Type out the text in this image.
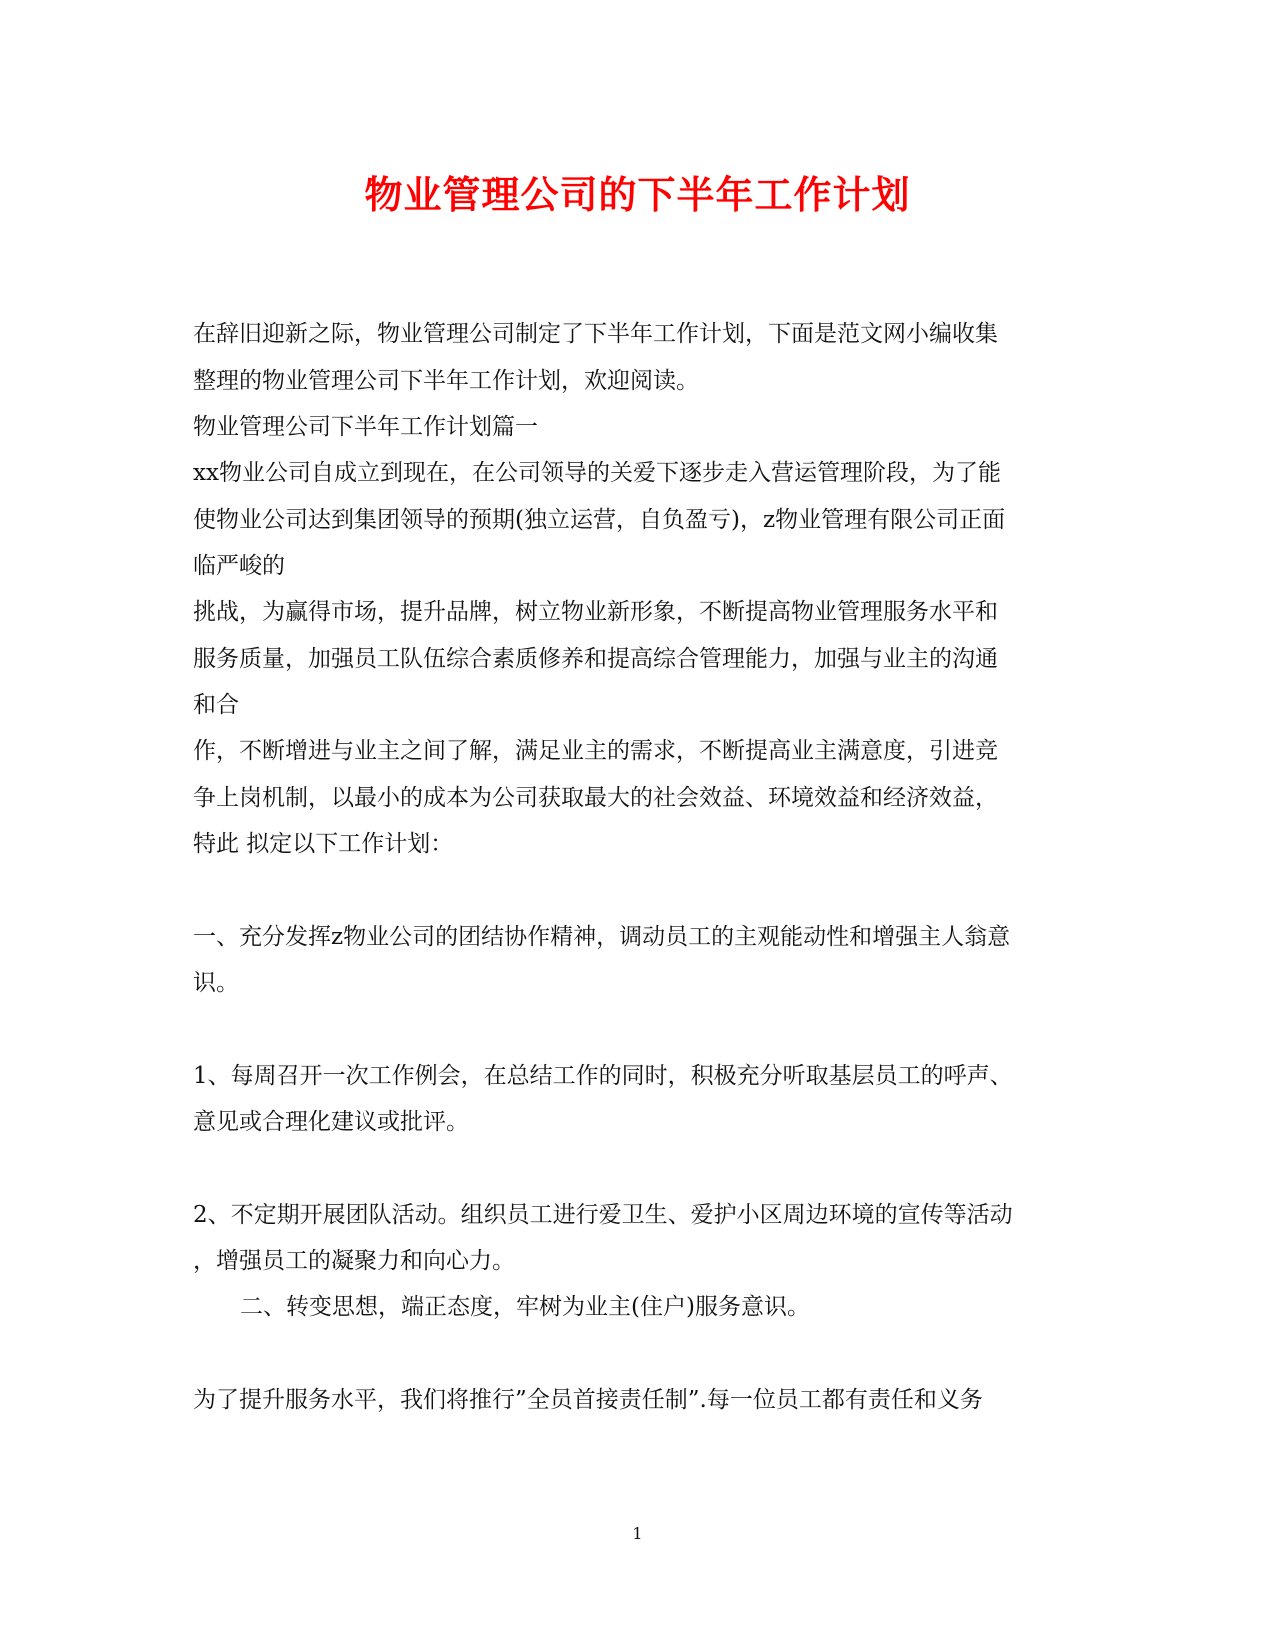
物业管理公司的下半年工作计划
在辞旧迎新之际，物业管理公司制定了下半年工作计划，下面是范文网小编收集
整理的物业管理公司下半年工作计划，欢迎阅读。
物业管理公司下半年工作计划篇一
xx物业公司自成立到现在，在公司领导的关爱下逐步走入营运管理阶段，为了能
使物业公司达到集团领导的预期(独立运营，自负盈亏)，z物业管理有限公司正面
临严峻的
挑战，为赢得市场，提升品牌，树立物业新形象，不断提高物业管理服务水平和
服务质量，加强员工队伍综合素质修养和提高综合管理能力，加强与业主的沟通
和合
作，不断增进与业主之间了解，满足业主的需求，不断提高业主满意度，引进竞
争上岗机制，以最小的成本为公司获取最大的社会效益、环境效益和经济效益，
特此 拟定以下工作计划：
一、充分发挥z物业公司的团结协作精神，调动员工的主观能动性和增强主人翁意
识。
1、每周召开一次工作例会，在总结工作的同时，积极充分听取基层员工的呼声、
意见或合理化建议或批评。
2、不定期开展团队活动。组织员工进行爱卫生、爱护小区周边环境的宣传等活动
，增强员工的凝聚力和向心力。
二、转变思想，端正态度，牢树为业主(住户)服务意识。
为了提升服务水平，我们将推行”全员首接责任制”.每一位员工都有责任和义务
1
